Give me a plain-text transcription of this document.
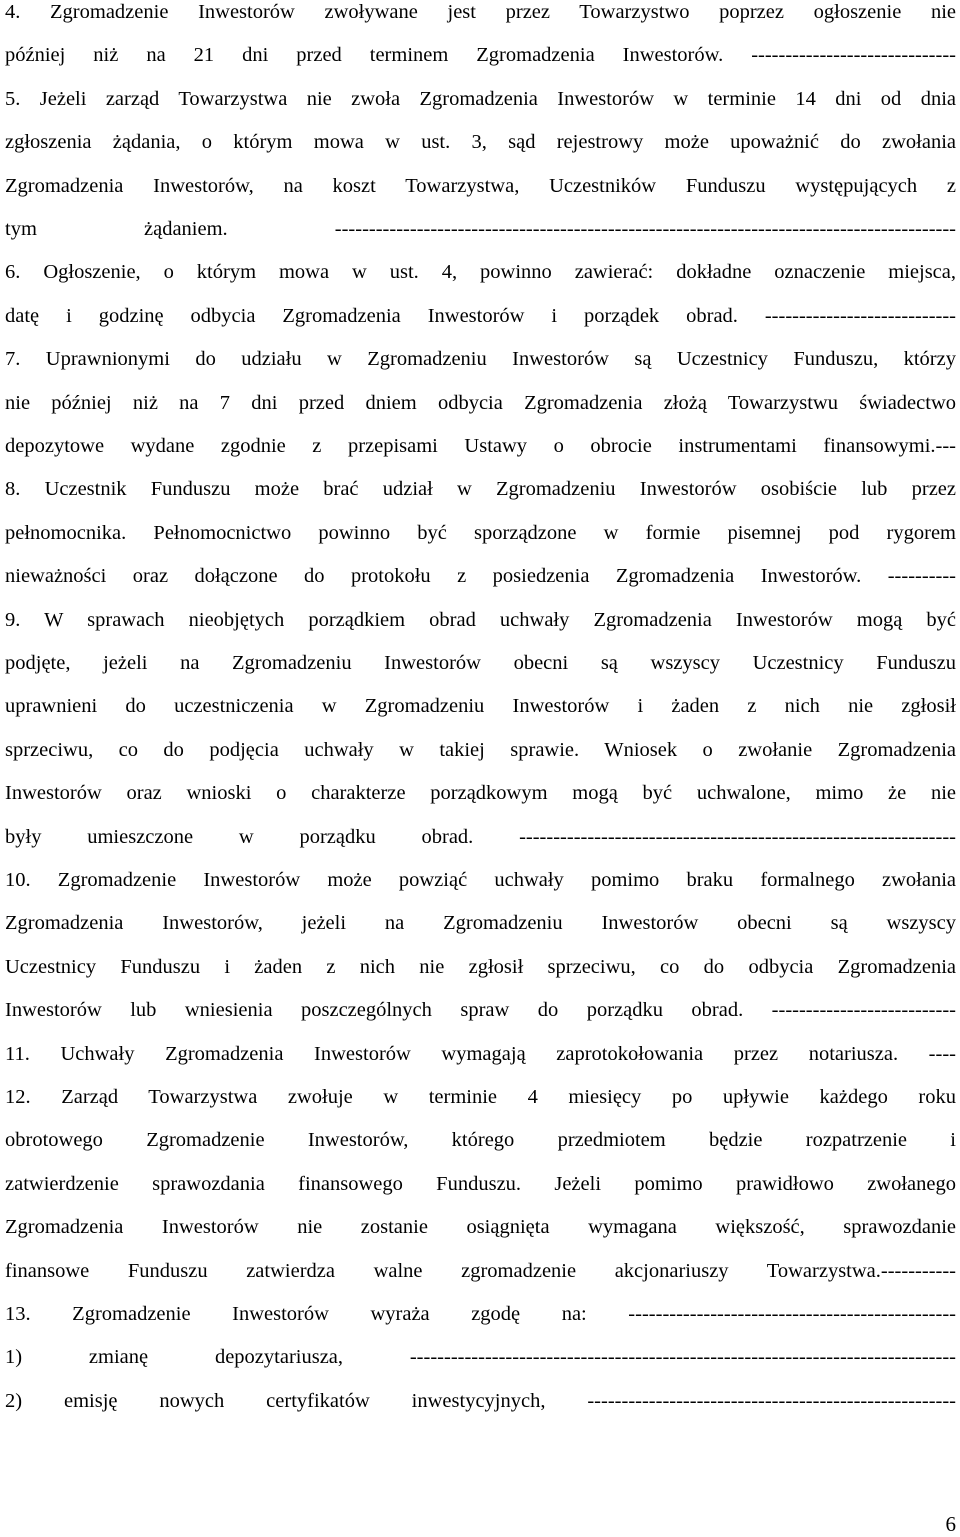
4. Zgromadzenie Inwestorów zwoływane jest przez Towarzystwo poprzez ogłoszenie nie
później niż na 21 dni przed terminem Zgromadzenia Inwestorów. ------------------------------
5. Jeżeli zarząd Towarzystwa nie zwoła Zgromadzenia Inwestorów w terminie 14 dni od dnia
zgłoszenia żądania, o którym mowa w ust. 3, sąd rejestrowy może upoważnić do zwołania
Zgromadzenia Inwestorów, na koszt Towarzystwa, Uczestników Funduszu występujących z
tym żądaniem. -------------------------------------------------------------------------------------------
6. Ogłoszenie, o którym mowa w ust. 4, powinno zawierać: dokładne oznaczenie miejsca,
datę i godzinę odbycia Zgromadzenia Inwestorów i porządek obrad. ----------------------------
7. Uprawnionymi do udziału w Zgromadzeniu Inwestorów są Uczestnicy Funduszu, którzy
nie później niż na 7 dni przed dniem odbycia Zgromadzenia złożą Towarzystwu świadectwo
depozytowe wydane zgodnie z przepisami Ustawy o obrocie instrumentami finansowymi.---
8. Uczestnik Funduszu może brać udział w Zgromadzeniu Inwestorów osobiście lub przez
pełnomocnika. Pełnomocnictwo powinno być sporządzone w formie pisemnej pod rygorem
nieważności oraz dołączone do protokołu z posiedzenia Zgromadzenia Inwestorów. ----------
9. W sprawach nieobjętych porządkiem obrad uchwały Zgromadzenia Inwestorów mogą być
podjęte, jeżeli na Zgromadzeniu Inwestorów obecni są wszyscy Uczestnicy Funduszu
uprawnieni do uczestniczenia w Zgromadzeniu Inwestorów i żaden z nich nie zgłosił
sprzeciwu, co do podjęcia uchwały w takiej sprawie. Wniosek o zwołanie Zgromadzenia
Inwestorów oraz wnioski o charakterze porządkowym mogą być uchwalone, mimo że nie
były umieszczone w porządku obrad. ----------------------------------------------------------------
10. Zgromadzenie Inwestorów może powziąć uchwały pomimo braku formalnego zwołania
Zgromadzenia Inwestorów, jeżeli na Zgromadzeniu Inwestorów obecni są wszyscy
Uczestnicy Funduszu i żaden z nich nie zgłosił sprzeciwu, co do odbycia Zgromadzenia
Inwestorów lub wniesienia poszczególnych spraw do porządku obrad. ---------------------------
11. Uchwały Zgromadzenia Inwestorów wymagają zaprotokołowania przez notariusza. ----
12. Zarząd Towarzystwa zwołuje w terminie 4 miesięcy po upływie każdego roku
obrotowego Zgromadzenie Inwestorów, którego przedmiotem będzie rozpatrzenie i
zatwierdzenie sprawozdania finansowego Funduszu. Jeżeli pomimo prawidłowo zwołanego
Zgromadzenia Inwestorów nie zostanie osiągnięta wymagana większość, sprawozdanie
finansowe Funduszu zatwierdza walne zgromadzenie akcjonariuszy Towarzystwa.-----------
13. Zgromadzenie Inwestorów wyraża zgodę na: ------------------------------------------------
1) zmianę depozytariusza, --------------------------------------------------------------------------------
2) emisję nowych certyfikatów inwestycyjnych, ------------------------------------------------------
6
